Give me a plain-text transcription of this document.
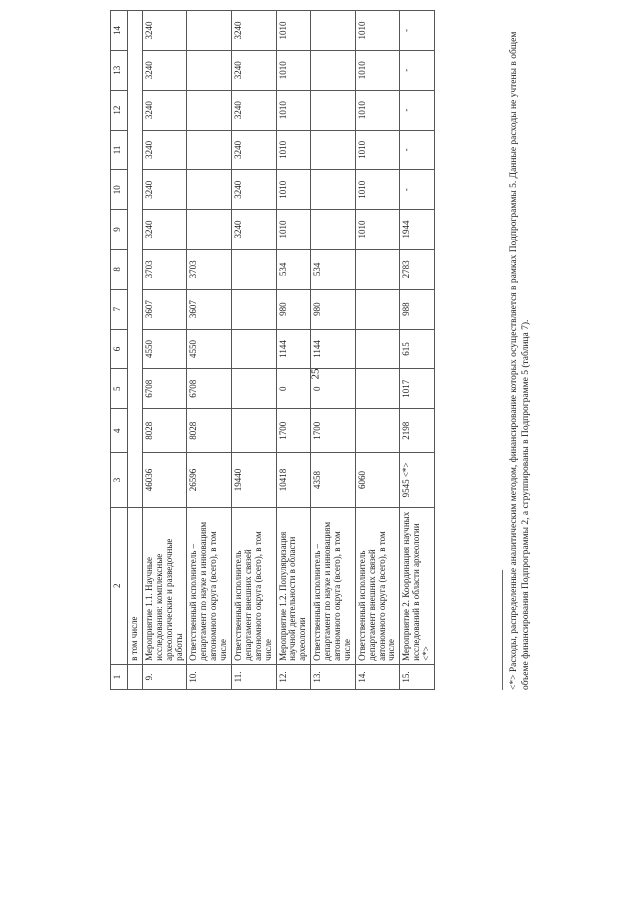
25
1	2	3	4	5	6	7	8	9	10	11	12	13	14
	в том числе												
9.	Мероприятие 1.1. Научные исследования: комплексные археологические и разведочные работы	46036	8028	6708	4550	3607	3703	3240	3240	3240	3240	3240	3240
10.	Ответственный исполнитель – департамент по науке и инновациям автономного округа (всего), в том числе	26596	8028	6708	4550	3607	3703						
11.	Ответственный исполнитель департамент внешних связей автономного округа (всего), в том числе	19440						3240	3240	3240	3240	3240	3240
12.	Мероприятие 1.2. Популяризация научной деятельности в области археологии	10418	1700	0	1144	980	534	1010	1010	1010	1010	1010	1010
13.	Ответственный исполнитель – департамент по науке и инновациям автономного округа (всего), в том числе	4358	1700	0	1144	980	534						
14.	Ответственный исполнитель департамент внешних связей автономного округа (всего), в том числе	6060						1010	1010	1010	1010	1010	1010
15.	Мероприятие 2. Координация научных исследований в области археологии <*>	9545 <*>	2198	1017	615	988	2783	1944	-	-	-	-	-
<*> Расходы, распределенные аналитическим методом, финансирование которых осуществляется в рамках Подпрограммы 5. Данные расходы не учтены в общем объеме финансирования Подпрограммы 2, а сгруппированы в Подпрограмме 5 (таблица 7).
